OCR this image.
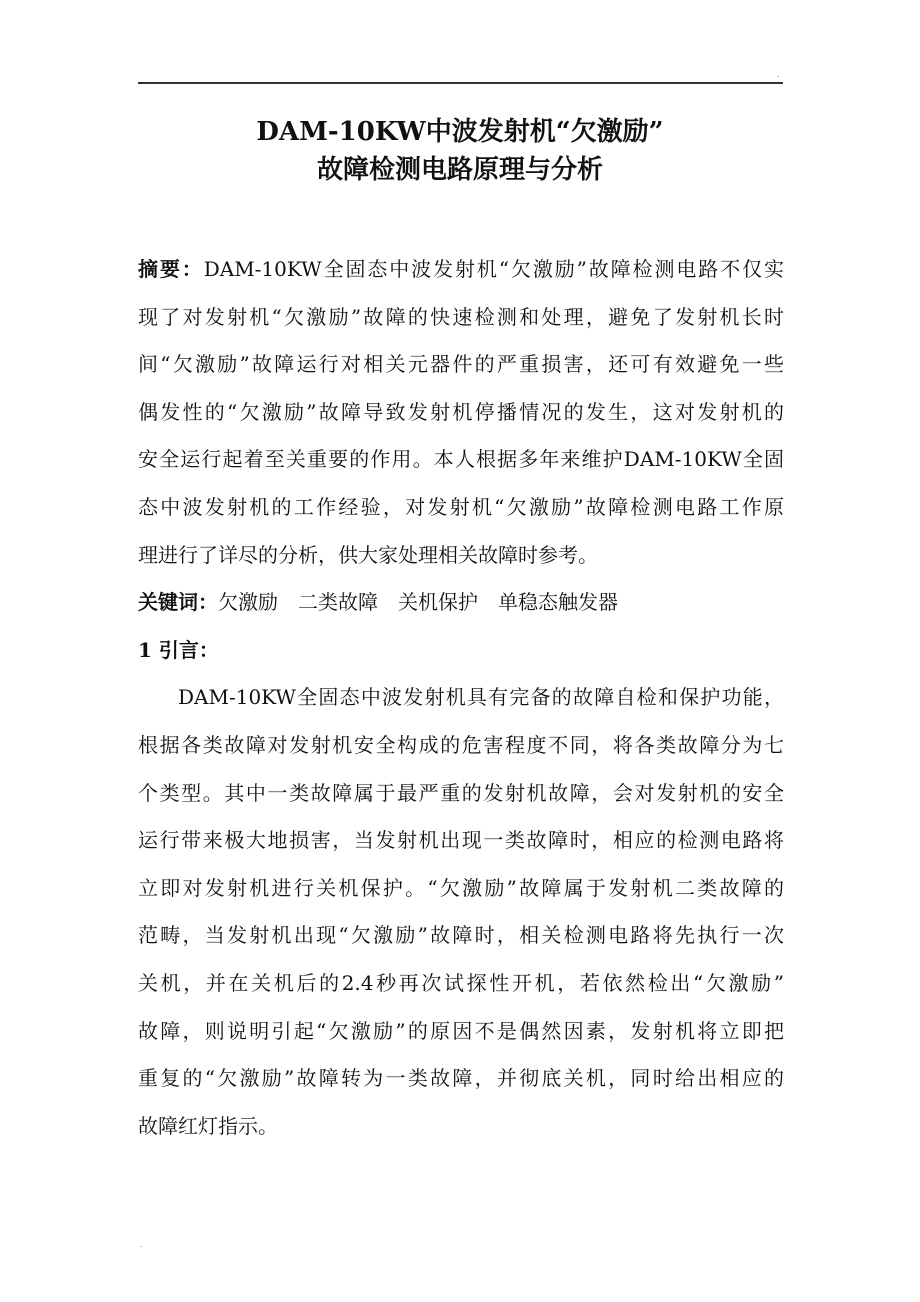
.
.
DAM-10KW中波发射机“欠激励”
故障检测电路原理与分析
摘要：DAM-10KW全固态中波发射机“欠激励”故障检测电路不仅实
现了对发射机“欠激励”故障的快速检测和处理，避免了发射机长时
间“欠激励”故障运行对相关元器件的严重损害，还可有效避免一些
偶发性的“欠激励”故障导致发射机停播情况的发生，这对发射机的
安全运行起着至关重要的作用。本人根据多年来维护DAM-10KW全固
态中波发射机的工作经验，对发射机“欠激励”故障检测电路工作原
理进行了详尽的分析，供大家处理相关故障时参考。
关键词：欠激励 二类故障 关机保护 单稳态触发器
1 引言：
DAM-10KW全固态中波发射机具有完备的故障自检和保护功能，
根据各类故障对发射机安全构成的危害程度不同，将各类故障分为七
个类型。其中一类故障属于最严重的发射机故障，会对发射机的安全
运行带来极大地损害，当发射机出现一类故障时，相应的检测电路将
立即对发射机进行关机保护。“欠激励”故障属于发射机二类故障的
范畴，当发射机出现“欠激励”故障时，相关检测电路将先执行一次
关机，并在关机后的2.4秒再次试探性开机，若依然检出“欠激励”
故障，则说明引起“欠激励”的原因不是偶然因素，发射机将立即把
重复的“欠激励”故障转为一类故障，并彻底关机，同时给出相应的
故障红灯指示。
